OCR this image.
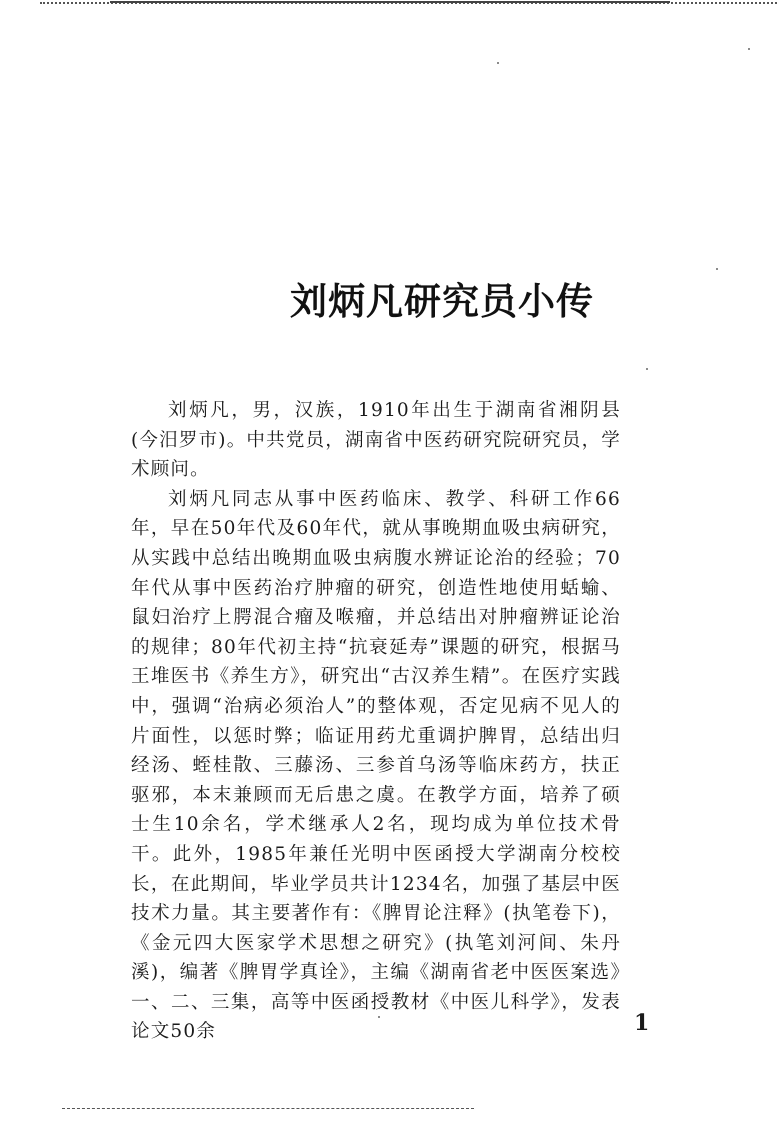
刘炳凡研究员小传

刘炳凡，男，汉族，1910年出生于湖南省湘阴县(今汨罗市)。中共党员，湖南省中医药研究院研究员，学术顾问。

刘炳凡同志从事中医药临床、教学、科研工作66年，早在50年代及60年代，就从事晚期血吸虫病研究，从实践中总结出晚期血吸虫病腹水辨证论治的经验；70年代从事中医药治疗肿瘤的研究，创造性地使用蛞蝓、鼠妇治疗上腭混合瘤及喉瘤，并总结出对肿瘤辨证论治的规律；80年代初主持“抗衰延寿”课题的研究，根据马王堆医书《养生方》，研究出“古汉养生精”。在医疗实践中，强调“治病必须治人”的整体观，否定见病不见人的片面性，以惩时弊；临证用药尤重调护脾胃，总结出归经汤、蛭桂散、三藤汤、三参首乌汤等临床药方，扶正驱邪，本末兼顾而无后患之虞。在教学方面，培养了硕士生10余名，学术继承人2名，现均成为单位技术骨干。此外，1985年兼任光明中医函授大学湖南分校校长，在此期间，毕业学员共计1234名，加强了基层中医技术力量。其主要著作有：《脾胃论注释》(执笔卷下)，《金元四大医家学术思想之研究》(执笔刘河间、朱丹溪)，编著《脾胃学真诠》，主编《湖南省老中医医案选》一、二、三集，高等中医函授教材《中医儿科学》，发表论文50余	1
